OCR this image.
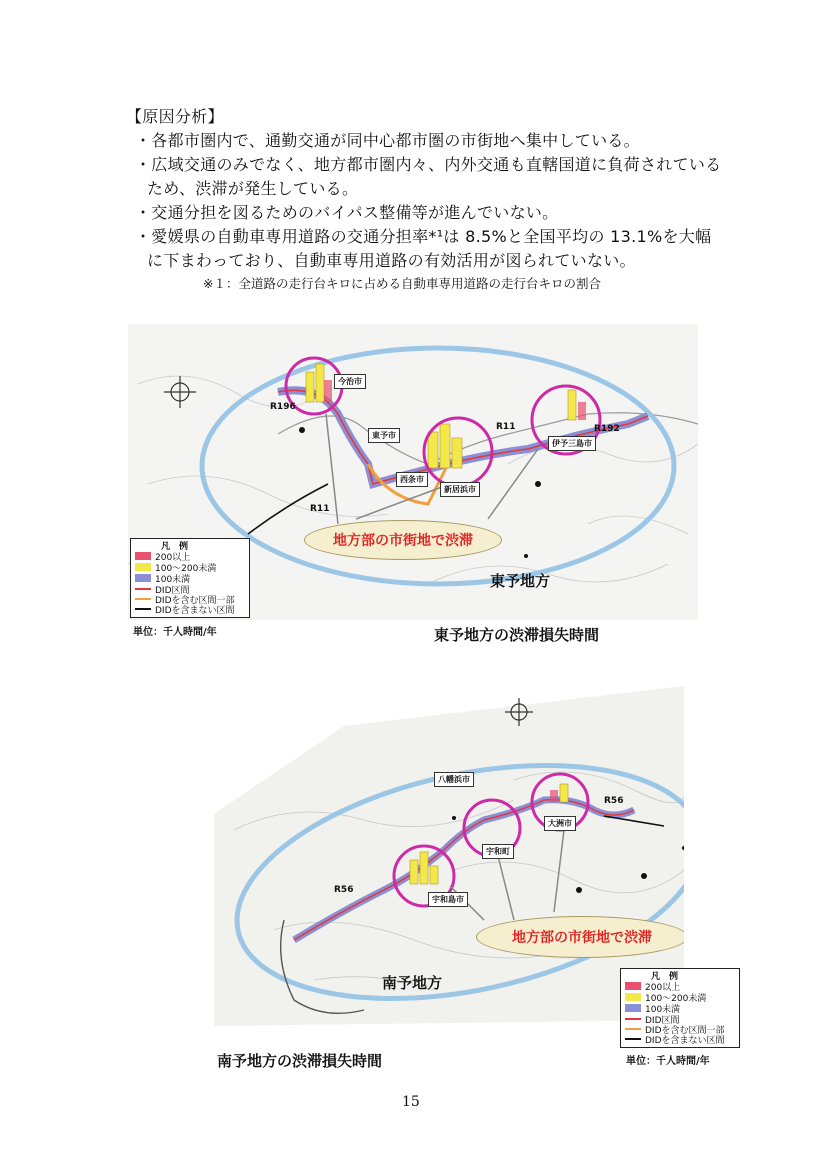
【原因分析】
・各都市圏内で、通勤交通が同中心都市圏の市街地へ集中している。
・広域交通のみでなく、地方都市圏内々、内外交通も直轄国道に負荷されている
ため、渋滞が発生している。
・交通分担を図るためのバイパス整備等が進んでいない。
・愛媛県の自動車専用道路の交通分担率*¹は 8.5%と全国平均の 13.1%を大幅
に下まわっており、自動車専用道路の有効活用が図られていない。
※１：全道路の走行台キロに占める自動車専用道路の走行台キロの割合
今治市
東予市
新居浜市
西条市
伊予三島市
R196
R11	R192
R11
地方部の市街地で渋滞
東予地方
凡　例
200以上
100～200未満
100未満
DID区間
DIDを含む区間一部
DIDを含まない区間
単位：千人時間/年	東予地方の渋滞損失時間
八幡浜市
大洲市
宇和町
宇和島市
R56
R56
地方部の市街地で渋滞
南予地方	凡　例
200以上
100～200未満
100未満
DID区間
DIDを含む区間一部
DIDを含まない区間
南予地方の渋滞損失時間	単位：千人時間/年
15
